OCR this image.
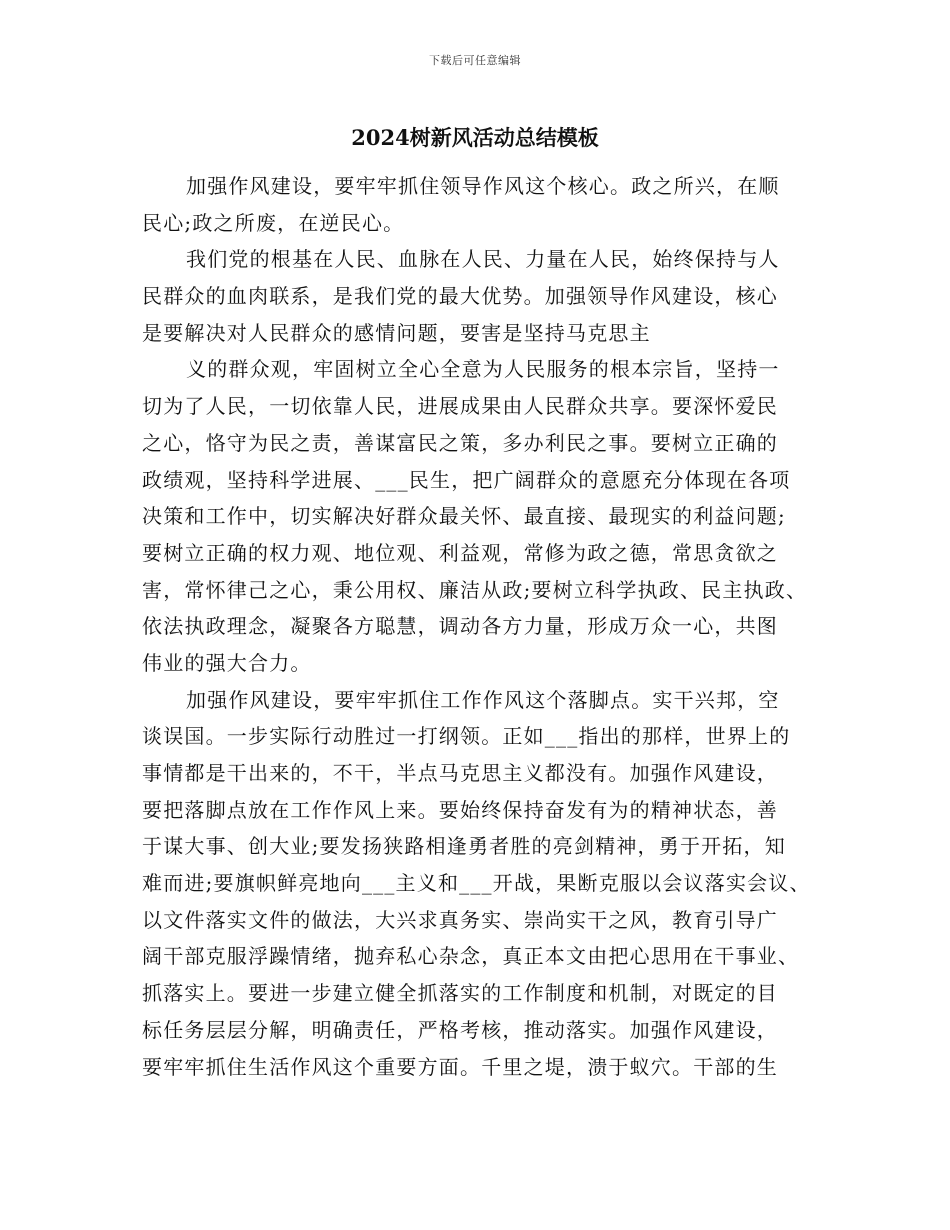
下载后可任意编辑
2024树新风活动总结模板
加强作风建设，要牢牢抓住领导作风这个核心。政之所兴，在顺
民心;政之所废，在逆民心。
我们党的根基在人民、血脉在人民、力量在人民，始终保持与人
民群众的血肉联系，是我们党的最大优势。加强领导作风建设，核心
是要解决对人民群众的感情问题，要害是坚持马克思主
义的群众观，牢固树立全心全意为人民服务的根本宗旨，坚持一
切为了人民，一切依靠人民，进展成果由人民群众共享。要深怀爱民
之心，恪守为民之责，善谋富民之策，多办利民之事。要树立正确的
政绩观，坚持科学进展、___民生，把广阔群众的意愿充分体现在各项
决策和工作中，切实解决好群众最关怀、最直接、最现实的利益问题;
要树立正确的权力观、地位观、利益观，常修为政之德，常思贪欲之
害，常怀律己之心，秉公用权、廉洁从政;要树立科学执政、民主执政、
依法执政理念，凝聚各方聪慧，调动各方力量，形成万众一心，共图
伟业的强大合力。
加强作风建设，要牢牢抓住工作作风这个落脚点。实干兴邦，空
谈误国。一步实际行动胜过一打纲领。正如___指出的那样，世界上的
事情都是干出来的，不干，半点马克思主义都没有。加强作风建设，
要把落脚点放在工作作风上来。要始终保持奋发有为的精神状态，善
于谋大事、创大业;要发扬狭路相逢勇者胜的亮剑精神，勇于开拓，知
难而进;要旗帜鲜亮地向___主义和___开战，果断克服以会议落实会议、
以文件落实文件的做法，大兴求真务实、崇尚实干之风，教育引导广
阔干部克服浮躁情绪，抛弃私心杂念，真正本文由把心思用在干事业、
抓落实上。要进一步建立健全抓落实的工作制度和机制，对既定的目
标任务层层分解，明确责任，严格考核，推动落实。加强作风建设，
要牢牢抓住生活作风这个重要方面。千里之堤，溃于蚁穴。干部的生
